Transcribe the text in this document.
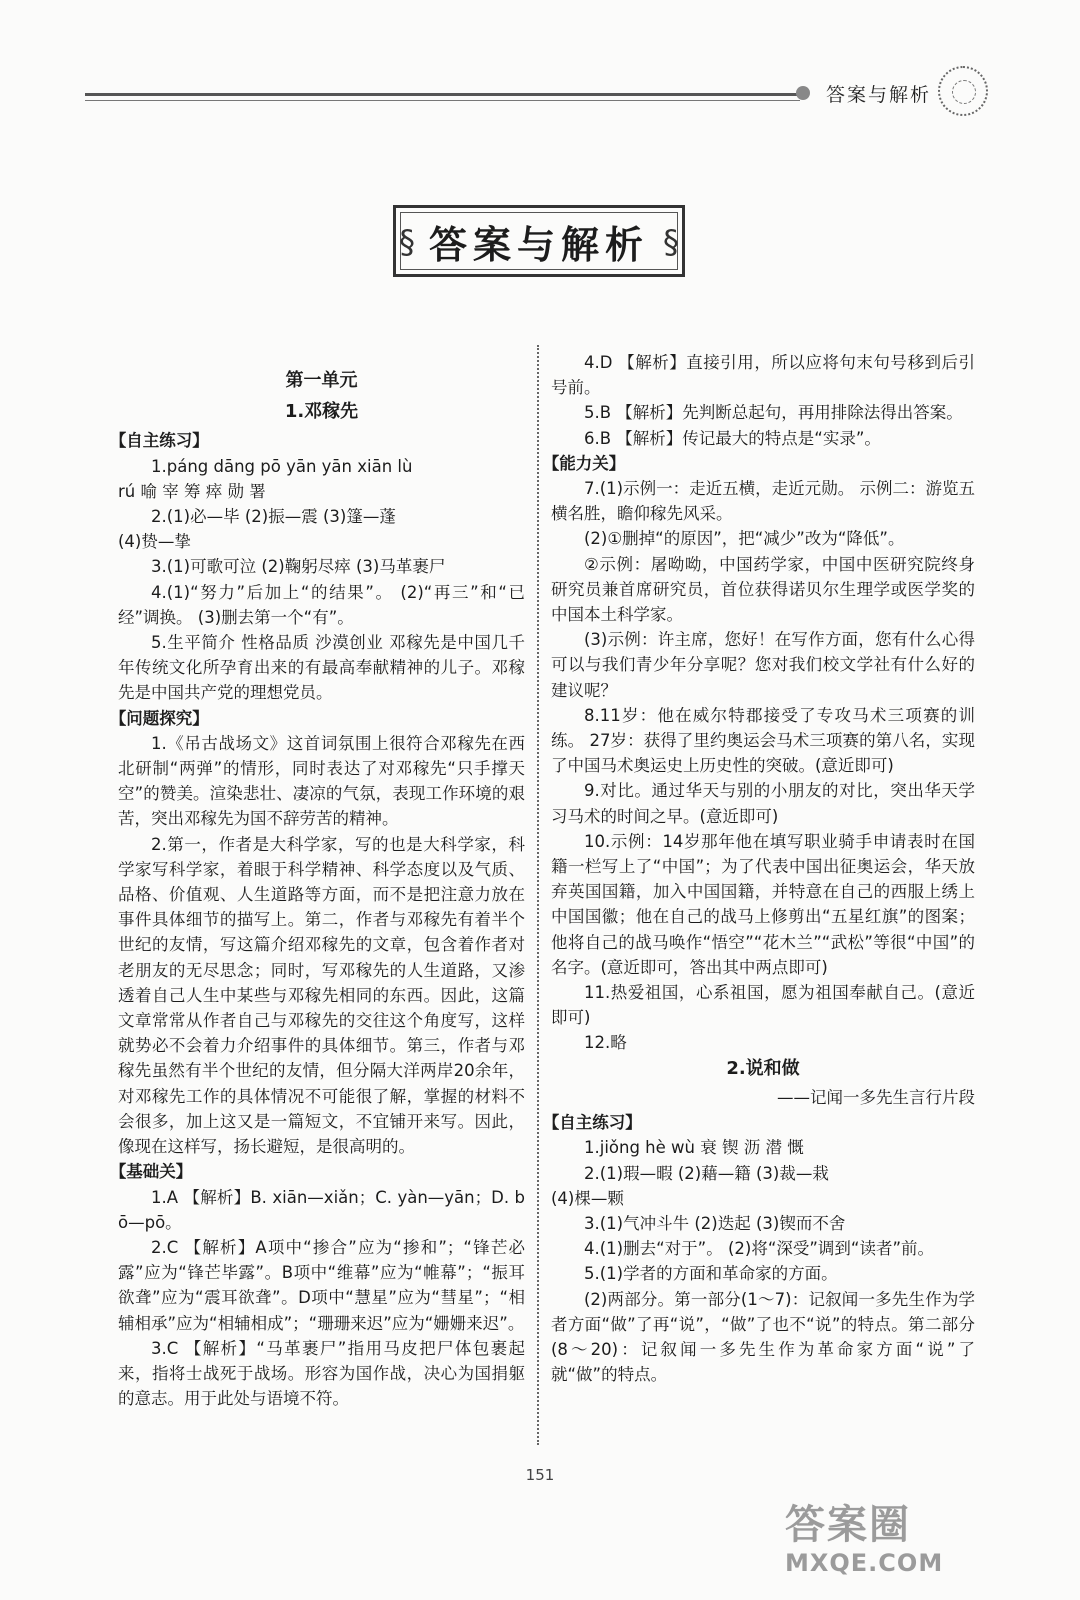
答案与解析
§ 答案与解析 §
第一单元
1.邓稼先

【自主练习】

1.páng dāng pō yān yān xiān lù

rú 喻 宰 筹 瘁 勋 署

2.(1)必—毕 (2)振—震 (3)篷—蓬

(4)贽—挚

3.(1)可歌可泣 (2)鞠躬尽瘁 (3)马革裹尸

4.(1)“努力”后加上“的结果”。 (2)“再三”和“已经”调换。 (3)删去第一个“有”。

5.生平简介 性格品质 沙漠创业 邓稼先是中国几千年传统文化所孕育出来的有最高奉献精神的儿子。邓稼先是中国共产党的理想党员。

【问题探究】

1.《吊古战场文》这首词氛围上很符合邓稼先在西北研制“两弹”的情形，同时表达了对邓稼先“只手撑天空”的赞美。渲染悲壮、凄凉的气氛，表现工作环境的艰苦，突出邓稼先为国不辞劳苦的精神。

2.第一，作者是大科学家，写的也是大科学家，科学家写科学家，着眼于科学精神、科学态度以及气质、品格、价值观、人生道路等方面，而不是把注意力放在事件具体细节的描写上。第二，作者与邓稼先有着半个世纪的友情，写这篇介绍邓稼先的文章，包含着作者对老朋友的无尽思念；同时，写邓稼先的人生道路，又渗透着自己人生中某些与邓稼先相同的东西。因此，这篇文章常常从作者自己与邓稼先的交往这个角度写，这样就势必不会着力介绍事件的具体细节。第三，作者与邓稼先虽然有半个世纪的友情，但分隔大洋两岸20余年，对邓稼先工作的具体情况不可能很了解，掌握的材料不会很多，加上这又是一篇短文，不宜铺开来写。因此，像现在这样写，扬长避短，是很高明的。

【基础关】

1.A 【解析】B. xiān—xiǎn；C. yàn—yān；D. bō—pō。

2.C 【解析】A项中“掺合”应为“掺和”；“锋芒必露”应为“锋芒毕露”。B项中“维幕”应为“帷幕”；“振耳欲聋”应为“震耳欲聋”。D项中“慧星”应为“彗星”；“相辅相承”应为“相辅相成”；“珊珊来迟”应为“姗姗来迟”。

3.C 【解析】“马革裹尸”指用马皮把尸体包裹起来，指将士战死于战场。形容为国作战，决心为国捐躯的意志。用于此处与语境不符。

4.D 【解析】直接引用，所以应将句末句号移到后引号前。

5.B 【解析】先判断总起句，再用排除法得出答案。

6.B 【解析】传记最大的特点是“实录”。

【能力关】

7.(1)示例一：走近五横，走近元勋。 示例二：游览五横名胜，瞻仰稼先风采。

(2)①删掉“的原因”，把“减少”改为“降低”。

②示例：屠呦呦，中国药学家，中国中医研究院终身研究员兼首席研究员，首位获得诺贝尔生理学或医学奖的中国本土科学家。

(3)示例：许主席，您好！在写作方面，您有什么心得可以与我们青少年分享呢？您对我们校文学社有什么好的建议呢？

8.11岁：他在威尔特郡接受了专攻马术三项赛的训练。 27岁：获得了里约奥运会马术三项赛的第八名，实现了中国马术奥运史上历史性的突破。(意近即可)

9.对比。通过华天与别的小朋友的对比，突出华天学习马术的时间之早。(意近即可)

10.示例：14岁那年他在填写职业骑手申请表时在国籍一栏写上了“中国”；为了代表中国出征奥运会，华天放弃英国国籍，加入中国国籍，并特意在自己的西服上绣上中国国徽；他在自己的战马上修剪出“五星红旗”的图案；他将自己的战马唤作“悟空”“花木兰”“武松”等很“中国”的名字。(意近即可，答出其中两点即可)

11.热爱祖国，心系祖国，愿为祖国奉献自己。(意近即可)

12.略

2.说和做

——记闻一多先生言行片段

【自主练习】

1.jiǒng hè wù 衰 锲 沥 潜 慨

2.(1)瑕—暇 (2)藉—籍 (3)裁—栽

(4)棵—颗

3.(1)气冲斗牛 (2)迭起 (3)锲而不舍

4.(1)删去“对于”。 (2)将“深受”调到“读者”前。

5.(1)学者的方面和革命家的方面。

(2)两部分。第一部分(1～7)：记叙闻一多先生作为学者方面“做”了再“说”，“做”了也不“说”的特点。第二部分(8～20)：记叙闻一多先生作为革命家方面“说”了就“做”的特点。

151
答案圈
MXQE.COM
